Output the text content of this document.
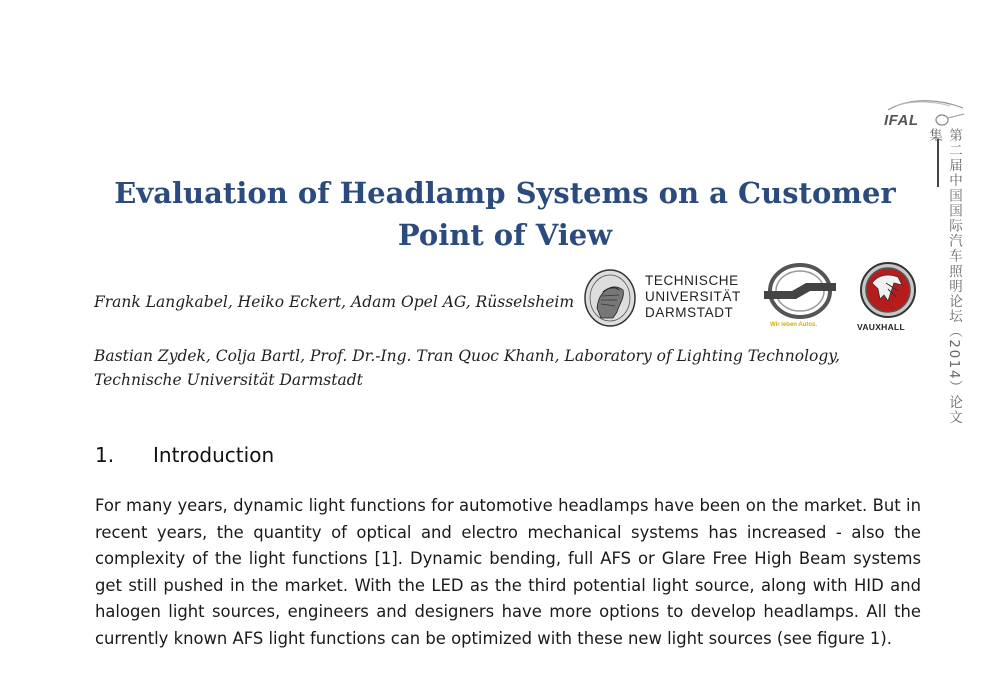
IFAL
第二届中国国际汽车照明论坛（2014）论文集
Evaluation of Headlamp Systems on a Customer Point of View
Frank Langkabel, Heiko Eckert, Adam Opel AG, Rüsselsheim
TECHNISCHE
UNIVERSITÄT
DARMSTADT
Wir leben Autos.	VAUXHALL
Bastian Zydek, Colja Bartl, Prof. Dr.-Ing. Tran Quoc Khanh, Laboratory of Lighting Technology, Technische Universität Darmstadt
1. Introduction

For many years, dynamic light functions for automotive headlamps have been on the market. But in recent years, the quantity of optical and electro mechanical systems has increased - also the complexity of the light functions [1]. Dynamic bending, full AFS or Glare Free High Beam systems get still pushed in the market. With the LED as the third potential light source, along with HID and halogen light sources, engineers and designers have more options to develop headlamps. All the currently known AFS light functions can be optimized with these new light sources (see figure 1).
